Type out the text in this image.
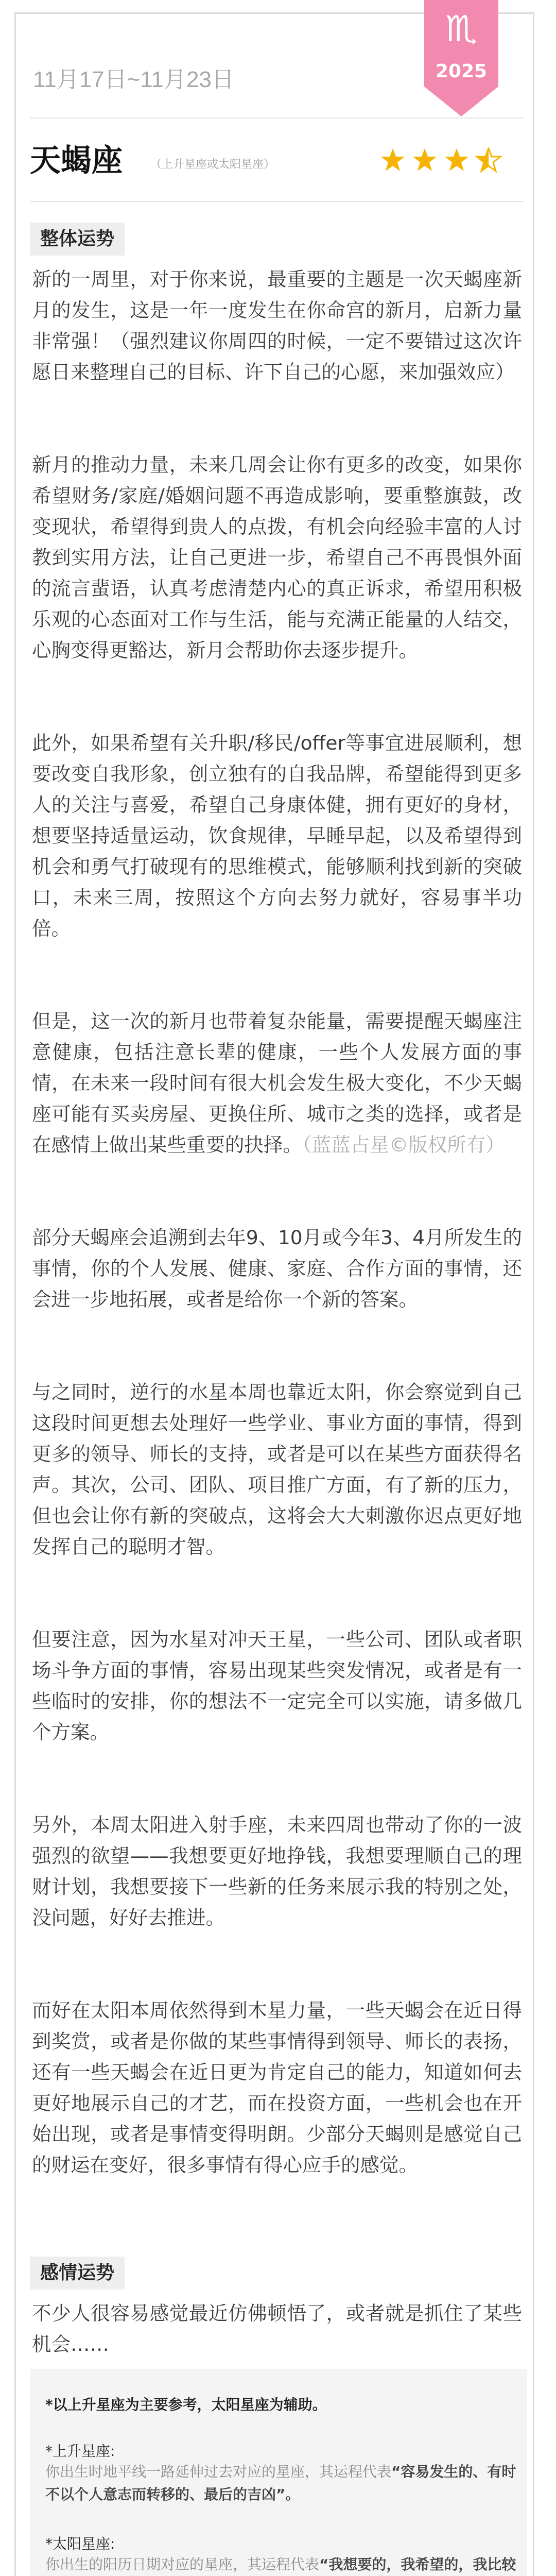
♏
2025
11月17日~11月23日
天蝎座 （上升星座或太阳星座）
整体运势

新的一周里，对于你来说，最重要的主题是一次天蝎座新月的发生，这是一年一度发生在你命宫的新月，启新力量非常强！（强烈建议你周四的时候，一定不要错过这次许愿日来整理自己的目标、许下自己的心愿，来加强效应）

新月的推动力量，未来几周会让你有更多的改变，如果你希望财务/家庭/婚姻问题不再造成影响，要重整旗鼓，改变现状，希望得到贵人的点拨，有机会向经验丰富的人讨教到实用方法，让自己更进一步，希望自己不再畏惧外面的流言蜚语，认真考虑清楚内心的真正诉求，希望用积极乐观的心态面对工作与生活，能与充满正能量的人结交，心胸变得更豁达，新月会帮助你去逐步提升。

此外，如果希望有关升职/移民/offer等事宜进展顺利，想要改变自我形象，创立独有的自我品牌，希望能得到更多人的关注与喜爱，希望自己身康体健，拥有更好的身材，想要坚持适量运动，饮食规律，早睡早起，以及希望得到机会和勇气打破现有的思维模式，能够顺利找到新的突破口，未来三周，按照这个方向去努力就好，容易事半功倍。

但是，这一次的新月也带着复杂能量，需要提醒天蝎座注意健康，包括注意长辈的健康，一些个人发展方面的事情，在未来一段时间有很大机会发生极大变化，不少天蝎座可能有买卖房屋、更换住所、城市之类的选择，或者是在感情上做出某些重要的抉择。（蓝蓝占星©版权所有）

部分天蝎座会追溯到去年9、10月或今年3、4月所发生的事情，你的个人发展、健康、家庭、合作方面的事情，还会进一步地拓展，或者是给你一个新的答案。

与之同时，逆行的水星本周也靠近太阳，你会察觉到自己这段时间更想去处理好一些学业、事业方面的事情，得到更多的领导、师长的支持，或者是可以在某些方面获得名声。其次，公司、团队、项目推广方面，有了新的压力，但也会让你有新的突破点，这将会大大刺激你迟点更好地发挥自己的聪明才智。

但要注意，因为水星对冲天王星，一些公司、团队或者职场斗争方面的事情，容易出现某些突发情况，或者是有一些临时的安排，你的想法不一定完全可以实施，请多做几个方案。

另外，本周太阳进入射手座，未来四周也带动了你的一波强烈的欲望——我想要更好地挣钱，我想要理顺自己的理财计划，我想要接下一些新的任务来展示我的特别之处，没问题，好好去推进。

而好在太阳本周依然得到木星力量，一些天蝎会在近日得到奖赏，或者是你做的某些事情得到领导、师长的表扬，还有一些天蝎会在近日更为肯定自己的能力，知道如何去更好地展示自己的才艺，而在投资方面，一些机会也在开始出现，或者是事情变得明朗。少部分天蝎则是感觉自己的财运在变好，很多事情有得心应手的感觉。

感情运势

不少人很容易感觉最近仿佛顿悟了，或者就是抓住了某些机会……

*以上升星座为主要参考，太阳星座为辅助。
*上升星座:
你出生时地平线一路延伸过去对应的星座，其运程代表“容易发生的、有时不以个人意志而转移的、最后的吉凶”。
*太阳星座:
你出生的阳历日期对应的星座，其运程代表“我想要的，我希望的，我比较
